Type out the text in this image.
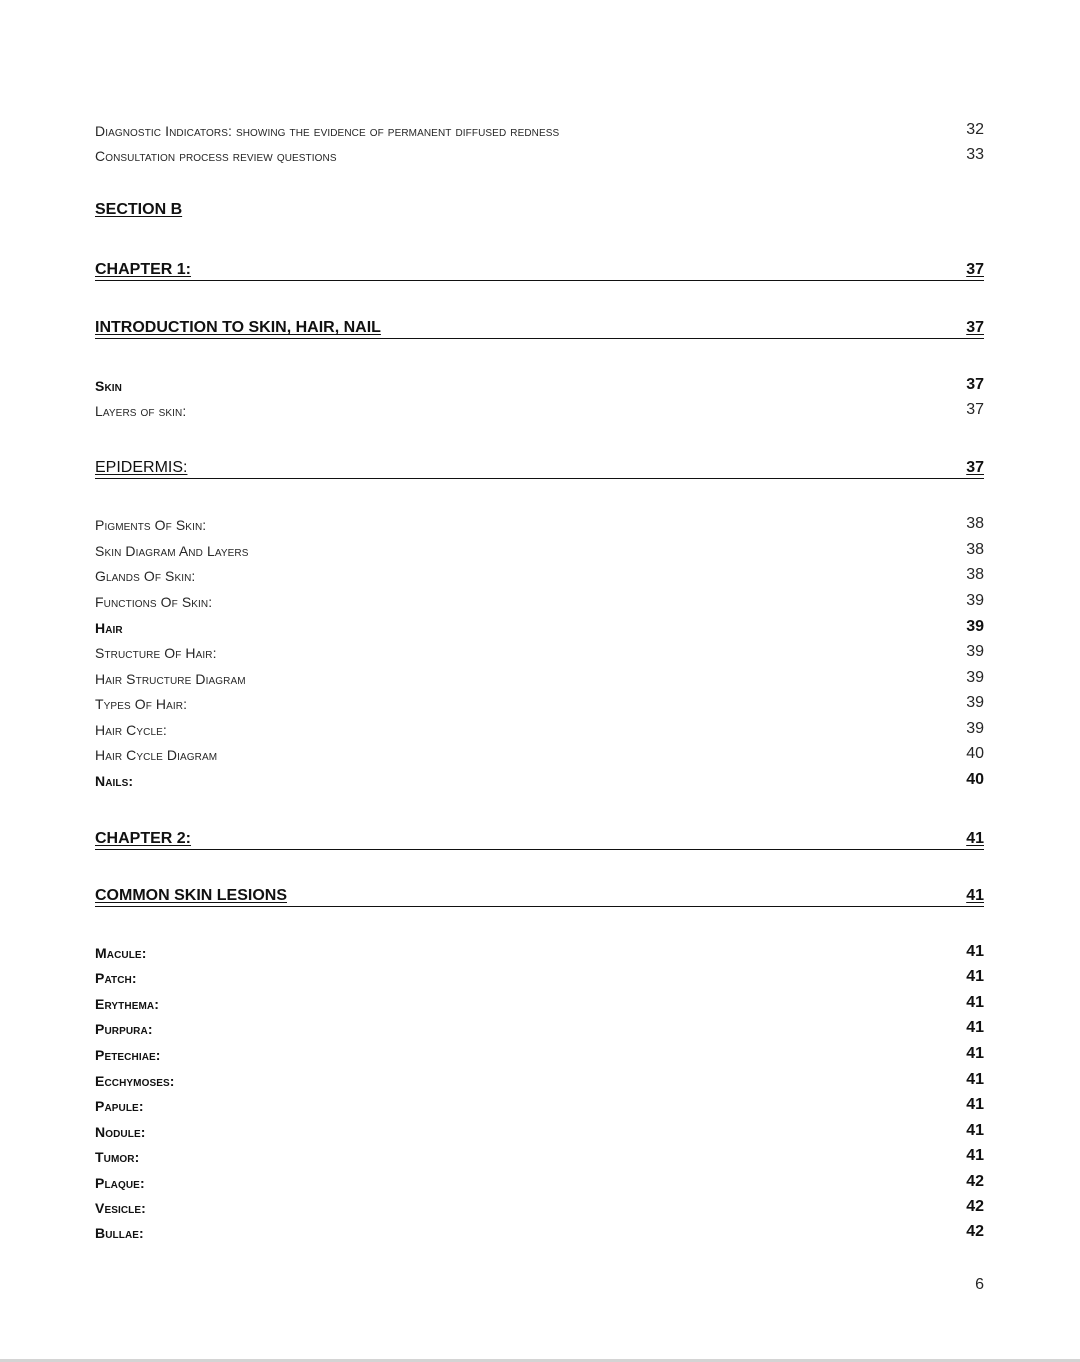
Diagnostic Indicators: showing the evidence of permanent diffused redness	32
Consultation process review questions	33
SECTION B
CHAPTER 1:	37
INTRODUCTION TO SKIN, HAIR, NAIL	37
Skin	37
Layers of skin:	37
EPIDERMIS:	37
Pigments Of Skin:	38
Skin Diagram And Layers	38
Glands Of Skin:	38
Functions Of Skin:	39
Hair	39
Structure Of Hair:	39
Hair Structure Diagram	39
Types Of Hair:	39
Hair Cycle:	39
Hair Cycle Diagram	40
Nails:	40
CHAPTER 2:	41
COMMON SKIN LESIONS	41
Macule:	41
Patch:	41
Erythema:	41
Purpura:	41
Petechiae:	41
Ecchymoses:	41
Papule:	41
Nodule:	41
Tumor:	41
Plaque:	42
Vesicle:	42
Bullae:	42
6
